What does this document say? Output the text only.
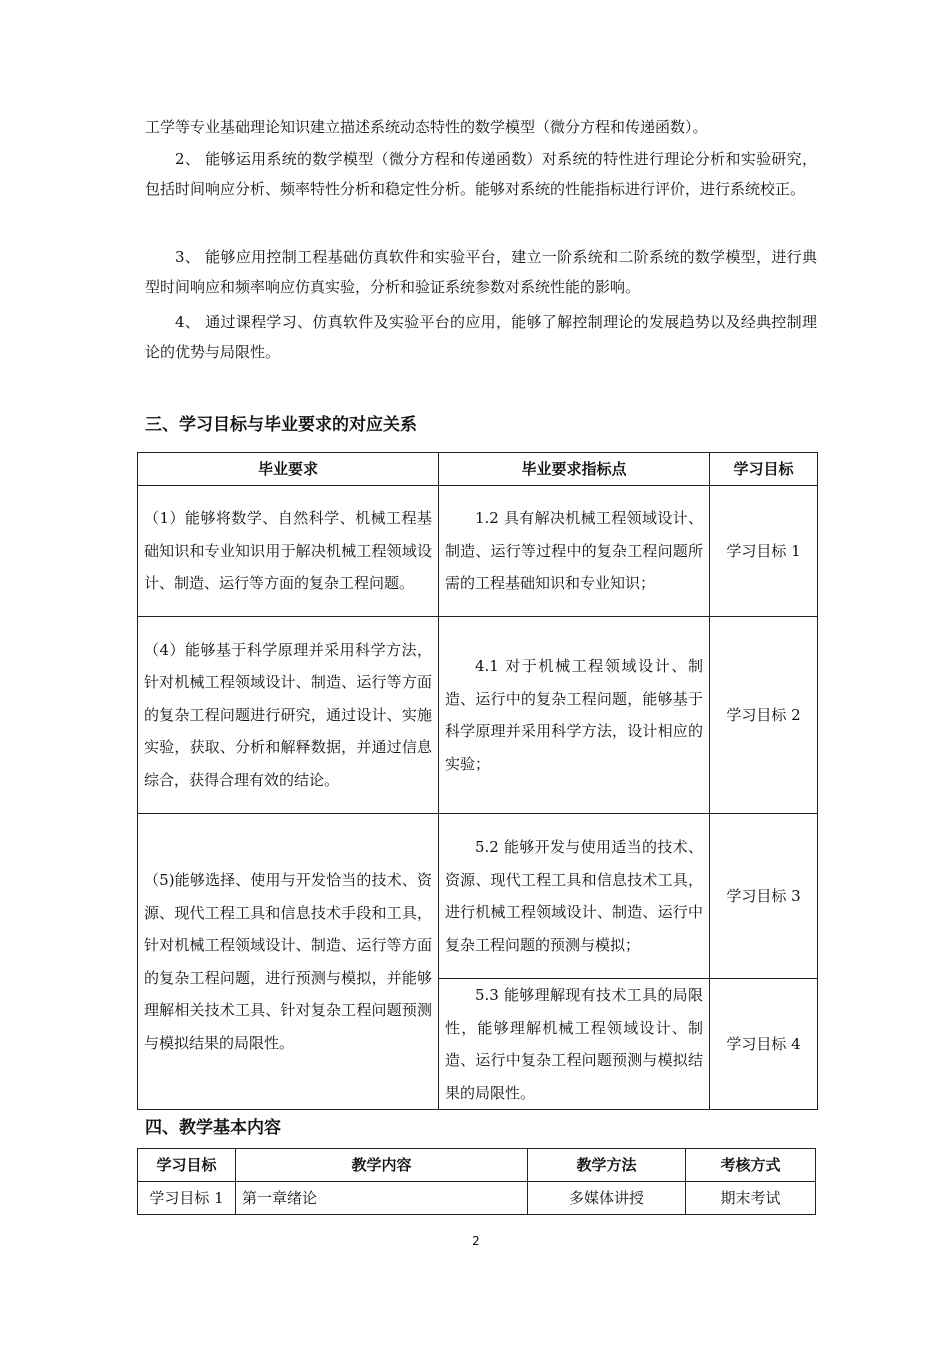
工学等专业基础理论知识建立描述系统动态特性的数学模型（微分方程和传递函数）。

2、 能够运用系统的数学模型（微分方程和传递函数）对系统的特性进行理论分析和实验研究，包括时间响应分析、频率特性分析和稳定性分析。能够对系统的性能指标进行评价，进行系统校正。

3、 能够应用控制工程基础仿真软件和实验平台，建立一阶系统和二阶系统的数学模型，进行典型时间响应和频率响应仿真实验，分析和验证系统参数对系统性能的影响。

4、 通过课程学习、仿真软件及实验平台的应用，能够了解控制理论的发展趋势以及经典控制理论的优势与局限性。

三、学习目标与毕业要求的对应关系
毕业要求	毕业要求指标点	学习目标
（1）能够将数学、自然科学、机械工程基础知识和专业知识用于解决机械工程领域设计、制造、运行等方面的复杂工程问题。	1.2 具有解决机械工程领域设计、制造、运行等过程中的复杂工程问题所需的工程基础知识和专业知识；	学习目标 1
（4）能够基于科学原理并采用科学方法，针对机械工程领域设计、制造、运行等方面的复杂工程问题进行研究，通过设计、实施实验，获取、分析和解释数据，并通过信息综合，获得合理有效的结论。	4.1 对于机械工程领域设计、制造、运行中的复杂工程问题，能够基于科学原理并采用科学方法，设计相应的实验；	学习目标 2
（5)能够选择、使用与开发恰当的技术、资源、现代工程工具和信息技术手段和工具，针对机械工程领域设计、制造、运行等方面的复杂工程问题，进行预测与模拟，并能够理解相关技术工具、针对复杂工程问题预测与模拟结果的局限性。	5.2 能够开发与使用适当的技术、资源、现代工程工具和信息技术工具，进行机械工程领域设计、制造、运行中复杂工程问题的预测与模拟；	学习目标 3
	5.3 能够理解现有技术工具的局限性，能够理解机械工程领域设计、制造、运行中复杂工程问题预测与模拟结果的局限性。	学习目标 4
四、教学基本内容
学习目标	教学内容	教学方法	考核方式
学习目标 1	第一章绪论	多媒体讲授	期末考试
2
